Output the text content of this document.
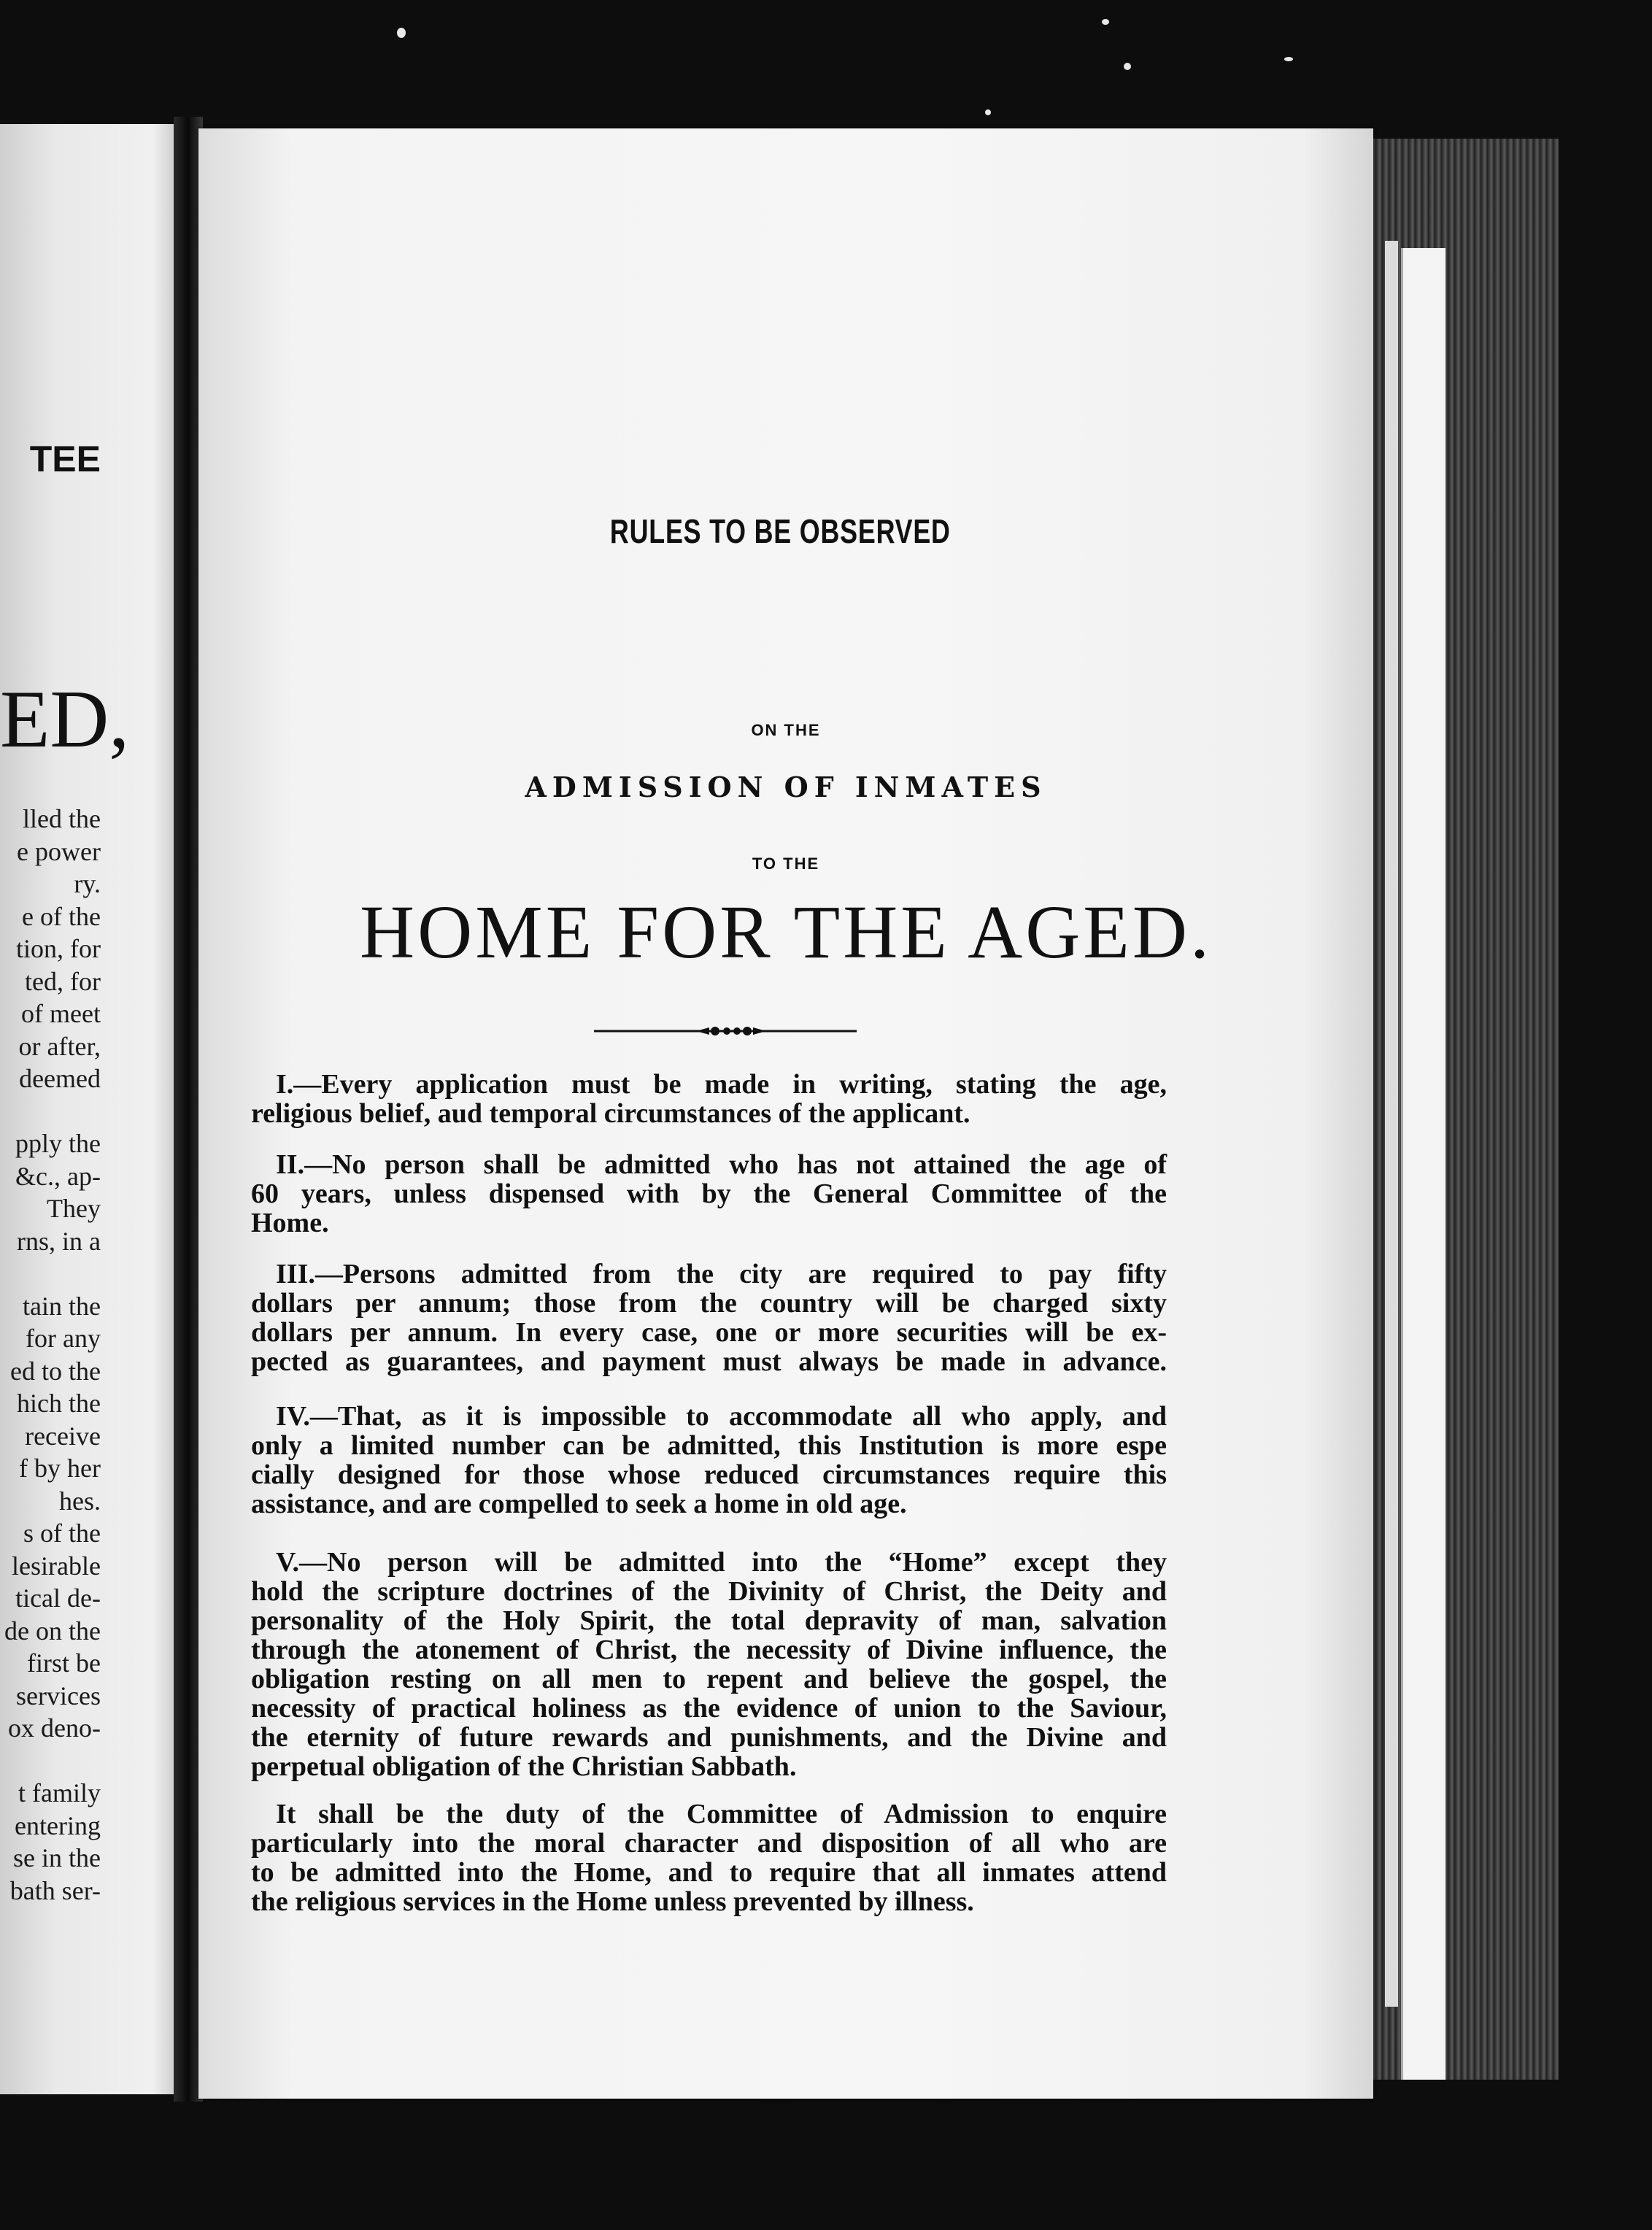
TEE
ED,
lled the
e power
ry.
e of the
tion, for
ted, for
of meet
or after,
deemed

pply the
&c., ap-
They
rns, in a

tain the
for any
ed to the
hich the
receive
f by her
hes.
s of the
lesirable
tical de-
de on the
first be
services
ox deno-

t family
entering
se in the
bath ser-
RULES TO BE OBSERVED
ON THE
ADMISSION OF INMATES
TO THE
HOME FOR THE AGED.
I.—Every application must be made in writing, stating the age,
religious belief, aud temporal circumstances of the applicant.
II.—No person shall be admitted who has not attained the age of
60 years, unless dispensed with by the General Committee of the
Home.
III.—Persons admitted from the city are required to pay fifty
dollars per annum; those from the country will be charged sixty
dollars per annum. In every case, one or more securities will be ex-
pected as guarantees, and payment must always be made in advance.
IV.—That, as it is impossible to accommodate all who apply, and
only a limited number can be admitted, this Institution is more espe
cially designed for those whose reduced circumstances require this
assistance, and are compelled to seek a home in old age.
V.—No person will be admitted into the “Home” except they
hold the scripture doctrines of the Divinity of Christ, the Deity and
personality of the Holy Spirit, the total depravity of man, salvation
through the atonement of Christ, the necessity of Divine influence, the
obligation resting on all men to repent and believe the gospel, the
necessity of practical holiness as the evidence of union to the Saviour,
the eternity of future rewards and punishments, and the Divine and
perpetual obligation of the Christian Sabbath.
It shall be the duty of the Committee of Admission to enquire
particularly into the moral character and disposition of all who are
to be admitted into the Home, and to require that all inmates attend
the religious services in the Home unless prevented by illness.
